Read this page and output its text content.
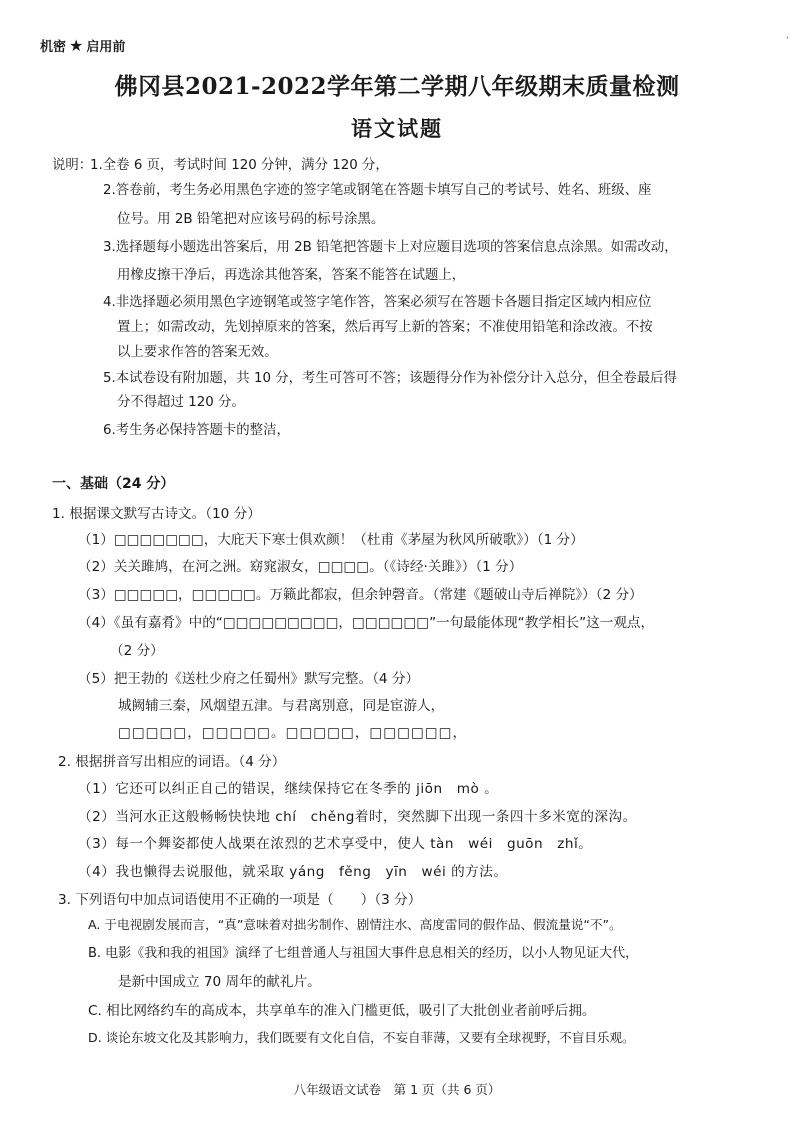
机密 ★ 启用前	‘
佛冈县2021-2022学年第二学期八年级期末质量检测
语文试题
说明：
1.全卷 6 页，考试时间 120 分钟，满分 120 分，
2.答卷前，考生务必用黑色字迹的签字笔或钢笔在答题卡填写自己的考试号、姓名、班级、座
位号。用 2B 铅笔把对应该号码的标号涂黑。
3.选择题每小题选出答案后，用 2B 铅笔把答题卡上对应题目选项的答案信息点涂黑。如需改动，
用橡皮擦干净后，再选涂其他答案，答案不能答在试题上，
4.非选择题必须用黑色字迹钢笔或签字笔作答，答案必须写在答题卡各题目指定区域内相应位
置上；如需改动，先划掉原来的答案，然后再写上新的答案；不准使用铅笔和涂改液。不按
以上要求作答的答案无效。
5.本试卷设有附加题，共 10 分，考生可答可不答；该题得分作为补偿分计入总分，但全卷最后得
分不得超过 120 分。
6.考生务必保持答题卡的整洁，
一、基础（24 分）
1. 根据课文默写古诗文。（10 分）
（1）□□□□□□□，大庇天下寒士俱欢颜！（杜甫《茅屋为秋风所破歌》）（1 分）
（2）关关雎鸠，在河之洲。窈窕淑女，□□□□。（《诗经·关雎》）（1 分）
（3）□□□□□，□□□□□。万籁此都寂，但余钟磬音。（常建《题破山寺后禅院》）（2 分）
（4）《虽有嘉肴》中的“□□□□□□□□□，□□□□□□”一句最能体现“教学相长”这一观点，
（2 分）
（5）把王勃的《送杜少府之任蜀州》默写完整。（4 分）
城阙辅三秦，风烟望五津。与君离别意，同是宦游人，
□□□□□，□□□□□。□□□□□，□□□□□□，
2. 根据拼音写出相应的词语。（4 分）
（1）它还可以纠正自己的错误，继续保持它在冬季的 jiōn　mò 。
（2）当河水正这般畅畅快快地 chí　chěng着时，突然脚下出现一条四十多米宽的深沟。
（3）每一个舞姿都使人战栗在浓烈的艺术享受中，使人 tàn　wéi　guōn　zhǐ。
（4）我也懒得去说服他，就采取 yáng　fěng　yīn　wéi 的方法。
3. 下列语句中加点词语使用不正确的一项是（　　）（3 分）
A. 于电视剧发展而言，“真”意味着对拙劣制作、剧情注水、高度雷同的假作品、假流量说“不”。
B. 电影《我和我的祖国》演绎了七组普通人与祖国大事件息息相关的经历，以小人物见证大代，
是新中国成立 70 周年的献礼片。
C. 相比网络约车的高成本，共享单车的准入门槛更低，吸引了大批创业者前呼后拥。
D. 谈论东坡文化及其影响力，我们既要有文化自信，不妄自菲薄，又要有全球视野，不盲目乐观。
八年级语文试卷　第 1 页（共 6 页）
